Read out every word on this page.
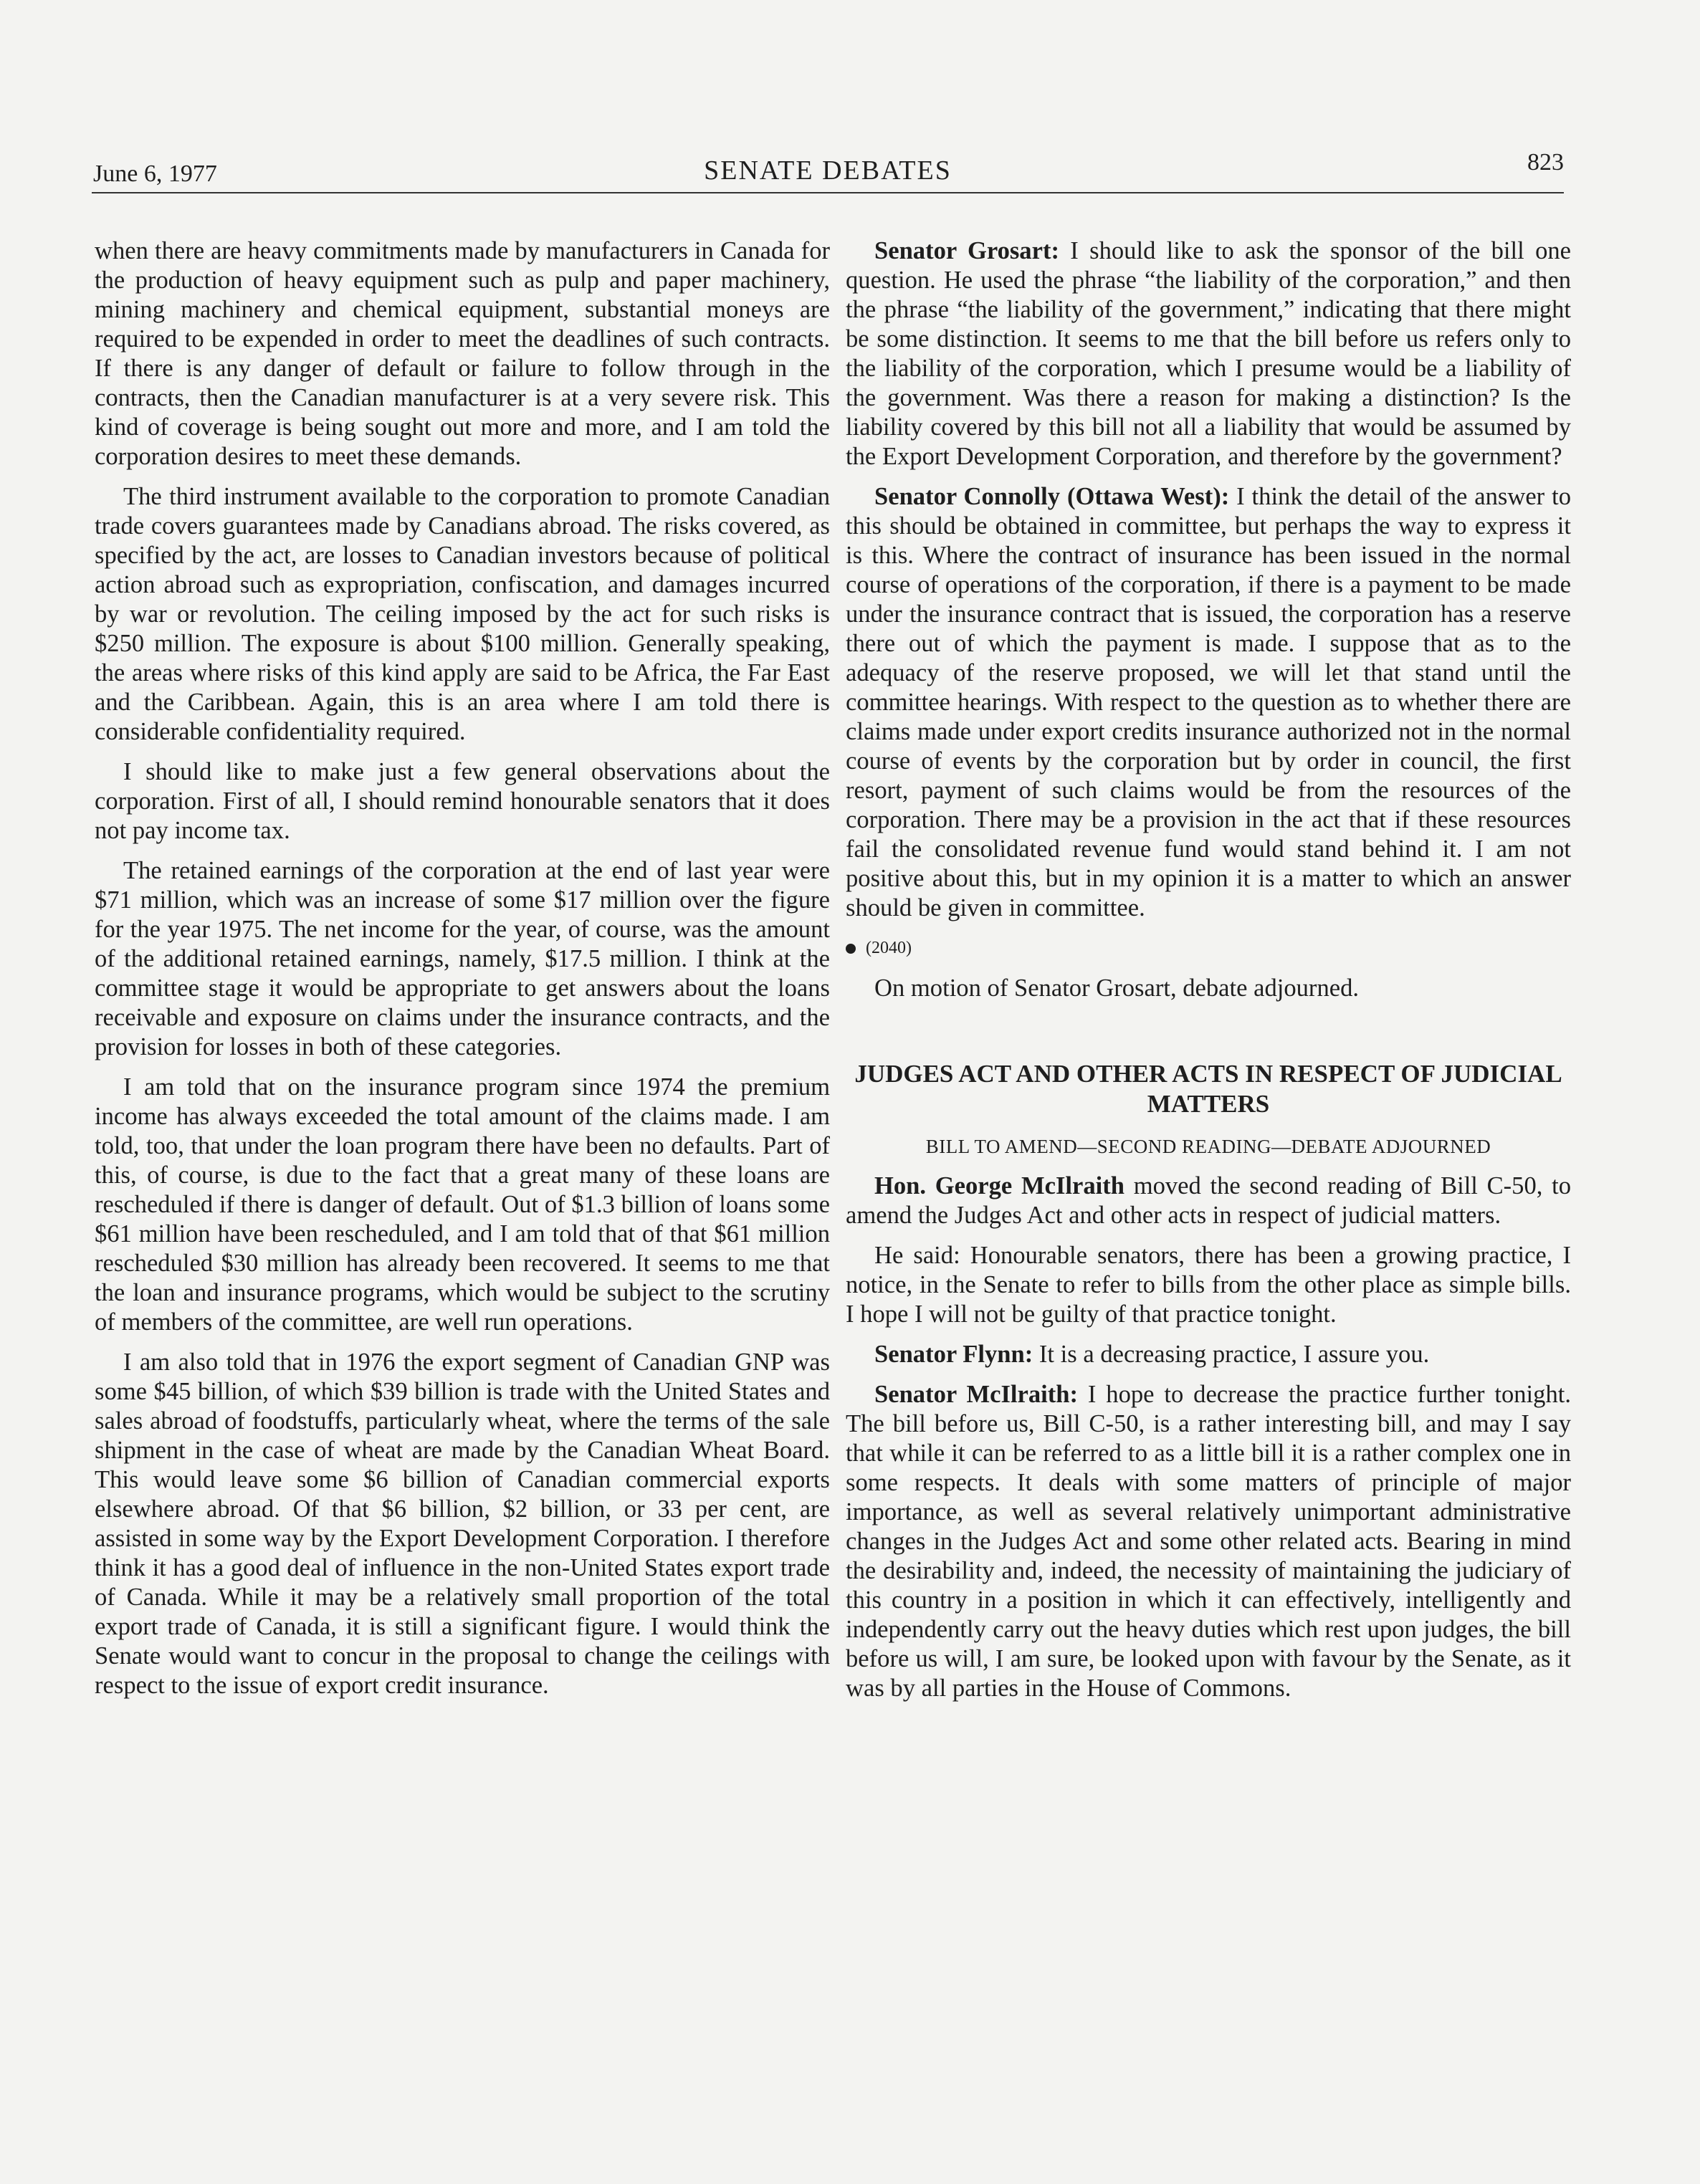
June 6, 1977	SENATE DEBATES	823

when there are heavy commitments made by manufacturers in Canada for the production of heavy equipment such as pulp and paper machinery, mining machinery and chemical equipment, substantial moneys are required to be expended in order to meet the deadlines of such contracts. If there is any danger of default or failure to follow through in the contracts, then the Canadian manufacturer is at a very severe risk. This kind of coverage is being sought out more and more, and I am told the corporation desires to meet these demands.

The third instrument available to the corporation to promote Canadian trade covers guarantees made by Canadians abroad. The risks covered, as specified by the act, are losses to Canadian investors because of political action abroad such as expropriation, confiscation, and damages incurred by war or revolution. The ceiling imposed by the act for such risks is $250 million. The exposure is about $100 million. Generally speaking, the areas where risks of this kind apply are said to be Africa, the Far East and the Caribbean. Again, this is an area where I am told there is considerable confidentiality required.

I should like to make just a few general observations about the corporation. First of all, I should remind honourable senators that it does not pay income tax.

The retained earnings of the corporation at the end of last year were $71 million, which was an increase of some $17 million over the figure for the year 1975. The net income for the year, of course, was the amount of the additional retained earnings, namely, $17.5 million. I think at the committee stage it would be appropriate to get answers about the loans receivable and exposure on claims under the insurance contracts, and the provision for losses in both of these categories.

I am told that on the insurance program since 1974 the premium income has always exceeded the total amount of the claims made. I am told, too, that under the loan program there have been no defaults. Part of this, of course, is due to the fact that a great many of these loans are rescheduled if there is danger of default. Out of $1.3 billion of loans some $61 million have been rescheduled, and I am told that of that $61 million rescheduled $30 million has already been recovered. It seems to me that the loan and insurance programs, which would be subject to the scrutiny of members of the committee, are well run operations.

I am also told that in 1976 the export segment of Canadian GNP was some $45 billion, of which $39 billion is trade with the United States and sales abroad of foodstuffs, particularly wheat, where the terms of the sale shipment in the case of wheat are made by the Canadian Wheat Board. This would leave some $6 billion of Canadian commercial exports elsewhere abroad. Of that $6 billion, $2 billion, or 33 per cent, are assisted in some way by the Export Development Corporation. I therefore think it has a good deal of influence in the non-United States export trade of Canada. While it may be a relatively small proportion of the total export trade of Canada, it is still a significant figure. I would think the Senate would want to concur in the proposal to change the ceilings with respect to the issue of export credit insurance.

Senator Grosart: I should like to ask the sponsor of the bill one question. He used the phrase “the liability of the corporation,” and then the phrase “the liability of the government,” indicating that there might be some distinction. It seems to me that the bill before us refers only to the liability of the corporation, which I presume would be a liability of the government. Was there a reason for making a distinction? Is the liability covered by this bill not all a liability that would be assumed by the Export Development Corporation, and therefore by the government?

Senator Connolly (Ottawa West): I think the detail of the answer to this should be obtained in committee, but perhaps the way to express it is this. Where the contract of insurance has been issued in the normal course of operations of the corporation, if there is a payment to be made under the insurance contract that is issued, the corporation has a reserve there out of which the payment is made. I suppose that as to the adequacy of the reserve proposed, we will let that stand until the committee hearings. With respect to the question as to whether there are claims made under export credits insurance authorized not in the normal course of events by the corporation but by order in council, the first resort, payment of such claims would be from the resources of the corporation. There may be a provision in the act that if these resources fail the consolidated revenue fund would stand behind it. I am not positive about this, but in my opinion it is a matter to which an answer should be given in committee.

(2040)

On motion of Senator Grosart, debate adjourned.

JUDGES ACT AND OTHER ACTS IN RESPECT OF JUDICIAL MATTERS
BILL TO AMEND—SECOND READING—DEBATE ADJOURNED

Hon. George McIlraith moved the second reading of Bill C-50, to amend the Judges Act and other acts in respect of judicial matters.

He said: Honourable senators, there has been a growing practice, I notice, in the Senate to refer to bills from the other place as simple bills. I hope I will not be guilty of that practice tonight.

Senator Flynn: It is a decreasing practice, I assure you.

Senator McIlraith: I hope to decrease the practice further tonight. The bill before us, Bill C-50, is a rather interesting bill, and may I say that while it can be referred to as a little bill it is a rather complex one in some respects. It deals with some matters of principle of major importance, as well as several relatively unimportant administrative changes in the Judges Act and some other related acts. Bearing in mind the desirability and, indeed, the necessity of maintaining the judiciary of this country in a position in which it can effectively, intelligently and independently carry out the heavy duties which rest upon judges, the bill before us will, I am sure, be looked upon with favour by the Senate, as it was by all parties in the House of Commons.
